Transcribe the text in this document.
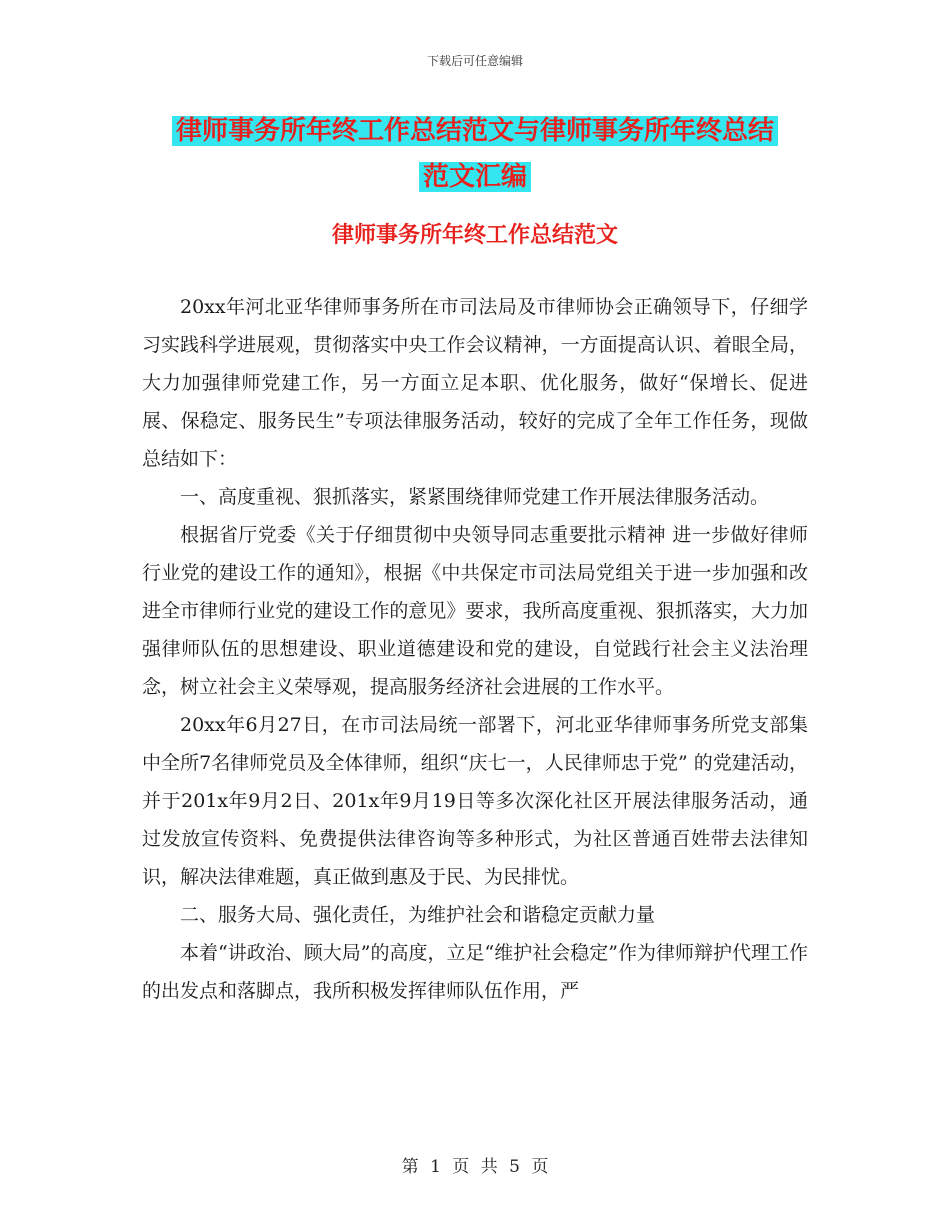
下载后可任意编辑
律师事务所年终工作总结范文与律师事务所年终总结
范文汇编
律师事务所年终工作总结范文

20xx年河北亚华律师事务所在市司法局及市律师协会正确领导下，仔细学习实践科学进展观，贯彻落实中央工作会议精神，一方面提高认识、着眼全局，大力加强律师党建工作，另一方面立足本职、优化服务，做好“保增长、促进展、保稳定、服务民生”专项法律服务活动，较好的完成了全年工作任务，现做总结如下：

一、高度重视、狠抓落实，紧紧围绕律师党建工作开展法律服务活动。

根据省厅党委《关于仔细贯彻中央领导同志重要批示精神 进一步做好律师行业党的建设工作的通知》，根据《中共保定市司法局党组关于进一步加强和改进全市律师行业党的建设工作的意见》要求，我所高度重视、狠抓落实，大力加强律师队伍的思想建设、职业道德建设和党的建设，自觉践行社会主义法治理念，树立社会主义荣辱观，提高服务经济社会进展的工作水平。

20xx年6月27日，在市司法局统一部署下，河北亚华律师事务所党支部集中全所7名律师党员及全体律师，组织“庆七一，人民律师忠于党” 的党建活动，并于201x年9月2日、201x年9月19日等多次深化社区开展法律服务活动，通过发放宣传资料、免费提供法律咨询等多种形式，为社区普通百姓带去法律知识，解决法律难题，真正做到惠及于民、为民排忧。

二、服务大局、强化责任，为维护社会和谐稳定贡献力量

本着“讲政治、顾大局”的高度，立足“维护社会稳定”作为律师辩护代理工作的出发点和落脚点，我所积极发挥律师队伍作用，严

第 1 页 共 5 页
